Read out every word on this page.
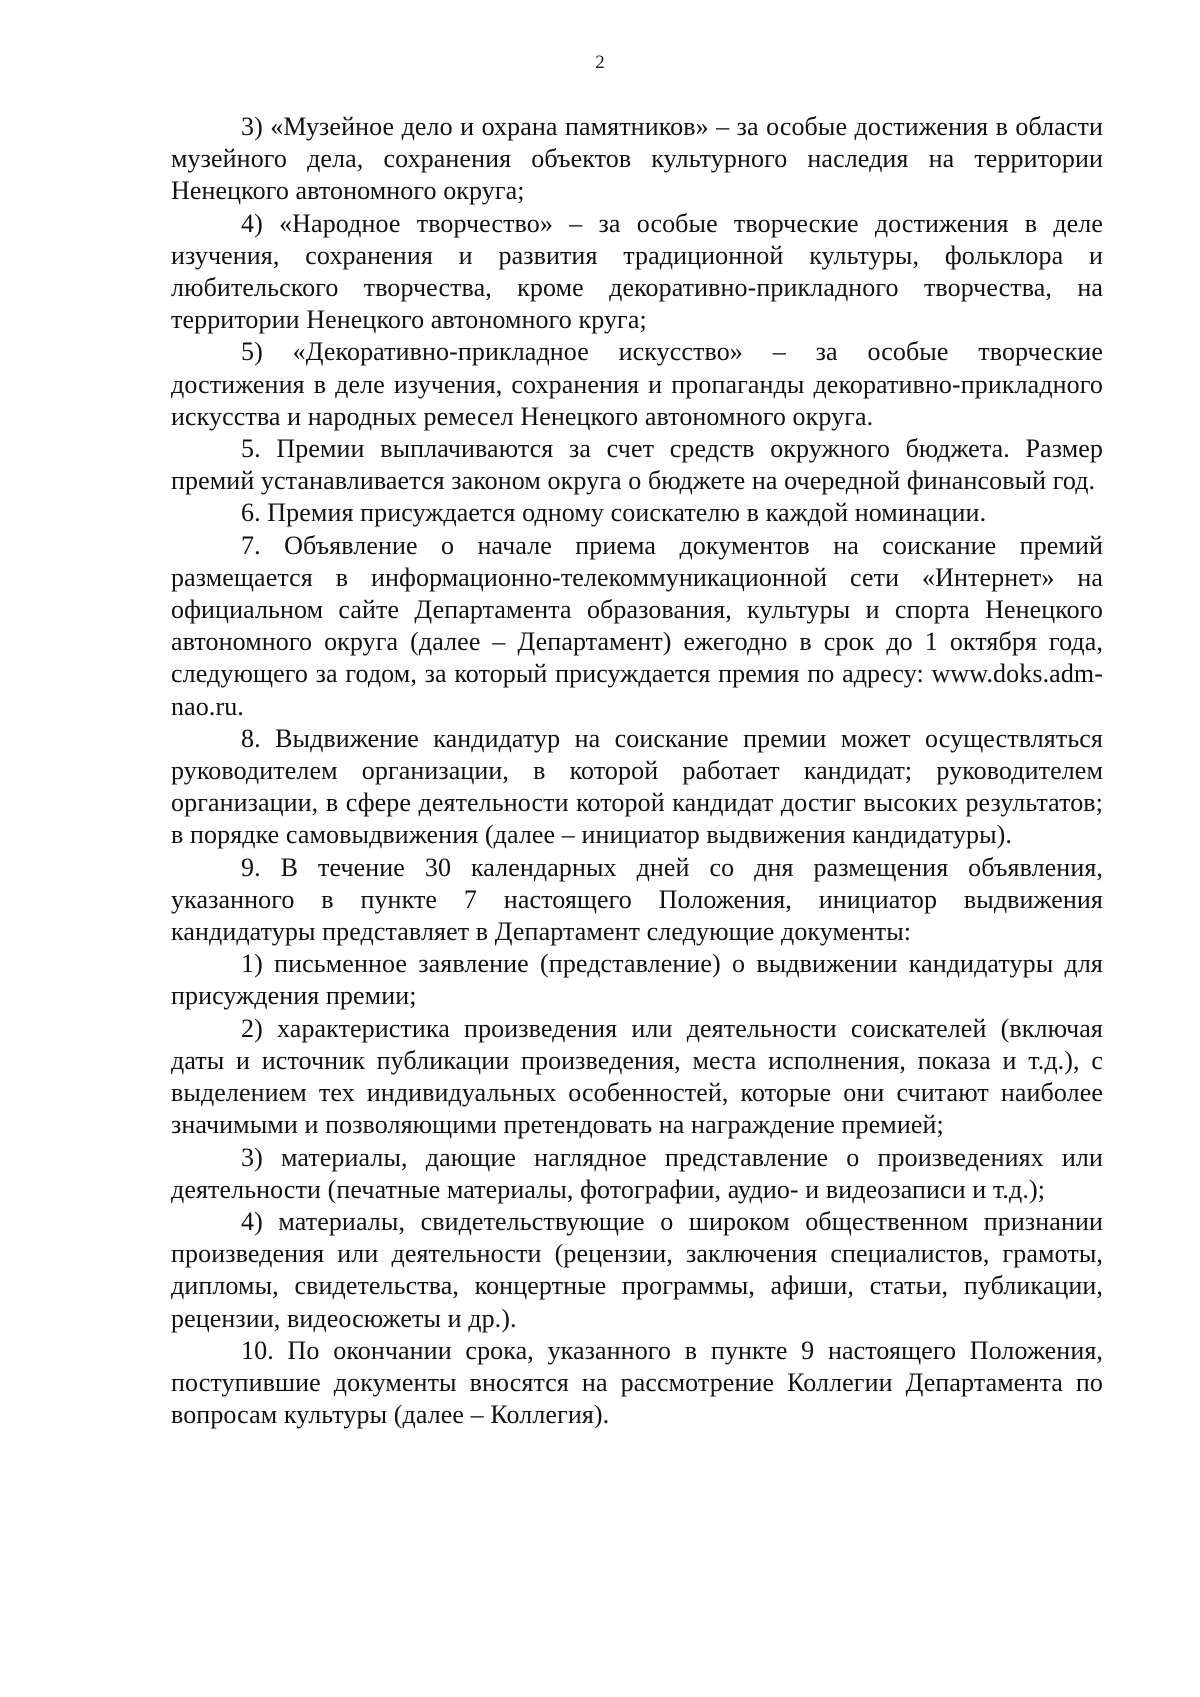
2

3) «Музейное дело и охрана памятников» – за особые достижения в области музейного дела, сохранения объектов культурного наследия на территории Ненецкого автономного округа;

4) «Народное творчество» – за особые творческие достижения в деле изучения, сохранения и развития традиционной культуры, фольклора и любительского творчества, кроме декоративно-прикладного творчества, на территории Ненецкого автономного круга;

5) «Декоративно-прикладное искусство» – за особые творческие достижения в деле изучения, сохранения и пропаганды декоративно-прикладного искусства и народных ремесел Ненецкого автономного округа.

5. Премии выплачиваются за счет средств окружного бюджета. Размер премий устанавливается законом округа о бюджете на очередной финансовый год.

6. Премия присуждается одному соискателю в каждой номинации.

7. Объявление о начале приема документов на соискание премий размещается в информационно-телекоммуникационной сети «Интернет» на официальном сайте Департамента образования, культуры и спорта Ненецкого автономного округа (далее – Департамент) ежегодно в срок до 1 октября года, следующего за годом, за который присуждается премия по адресу: www.doks.adm-nao.ru.

8. Выдвижение кандидатур на соискание премии может осуществляться руководителем организации, в которой работает кандидат; руководителем организации, в сфере деятельности которой кандидат достиг высоких результатов; в порядке самовыдвижения (далее – инициатор выдвижения кандидатуры).

9. В течение 30 календарных дней со дня размещения объявления, указанного в пункте 7 настоящего Положения, инициатор выдвижения кандидатуры представляет в Департамент следующие документы:

1) письменное заявление (представление) о выдвижении кандидатуры для присуждения премии;

2) характеристика произведения или деятельности соискателей (включая даты и источник публикации произведения, места исполнения, показа и т.д.), с выделением тех индивидуальных особенностей, которые они считают наиболее значимыми и позволяющими претендовать на награждение премией;

3) материалы, дающие наглядное представление о произведениях или деятельности (печатные материалы, фотографии, аудио- и видеозаписи и т.д.);

4) материалы, свидетельствующие о широком общественном признании произведения или деятельности (рецензии, заключения специалистов, грамоты, дипломы, свидетельства, концертные программы, афиши, статьи, публикации, рецензии, видеосюжеты и др.).

10. По окончании срока, указанного в пункте 9 настоящего Положения, поступившие документы вносятся на рассмотрение Коллегии Департамента по вопросам культуры (далее – Коллегия).
